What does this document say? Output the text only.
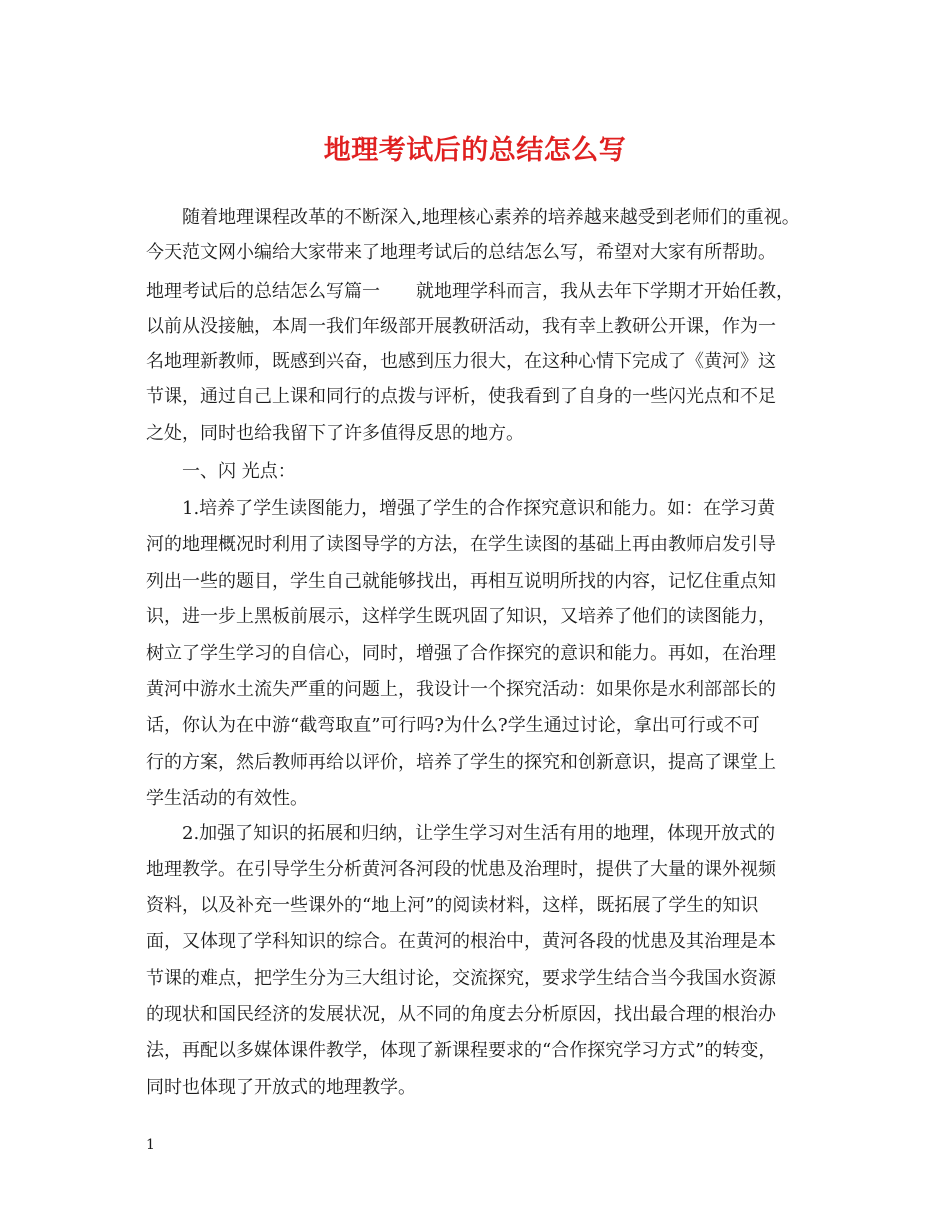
地理考试后的总结怎么写
　　随着地理课程改革的不断深入,地理核心素养的培养越来越受到老师们的重视。
今天范文网小编给大家带来了地理考试后的总结怎么写，希望对大家有所帮助。
地理考试后的总结怎么写篇一　　就地理学科而言，我从去年下学期才开始任教，
以前从没接触，本周一我们年级部开展教研活动，我有幸上教研公开课，作为一
名地理新教师，既感到兴奋，也感到压力很大，在这种心情下完成了《黄河》这
节课，通过自己上课和同行的点拨与评析，使我看到了自身的一些闪光点和不足
之处，同时也给我留下了许多值得反思的地方。
　　一、闪 光点：
　　1.培养了学生读图能力，增强了学生的合作探究意识和能力。如：在学习黄
河的地理概况时利用了读图导学的方法，在学生读图的基础上再由教师启发引导
列出一些的题目，学生自己就能够找出，再相互说明所找的内容，记忆住重点知
识，进一步上黑板前展示，这样学生既巩固了知识，又培养了他们的读图能力，
树立了学生学习的自信心，同时，增强了合作探究的意识和能力。再如，在治理
黄河中游水土流失严重的问题上，我设计一个探究活动：如果你是水利部部长的
话，你认为在中游“截弯取直”可行吗?为什么?学生通过讨论，拿出可行或不可
行的方案，然后教师再给以评价，培养了学生的探究和创新意识，提高了课堂上
学生活动的有效性。
　　2.加强了知识的拓展和归纳，让学生学习对生活有用的地理，体现开放式的
地理教学。在引导学生分析黄河各河段的忧患及治理时，提供了大量的课外视频
资料，以及补充一些课外的“地上河”的阅读材料，这样，既拓展了学生的知识
面，又体现了学科知识的综合。在黄河的根治中，黄河各段的忧患及其治理是本
节课的难点，把学生分为三大组讨论，交流探究，要求学生结合当今我国水资源
的现状和国民经济的发展状况，从不同的角度去分析原因，找出最合理的根治办
法，再配以多媒体课件教学，体现了新课程要求的“合作探究学习方式”的转变，
同时也体现了开放式的地理教学。
1
